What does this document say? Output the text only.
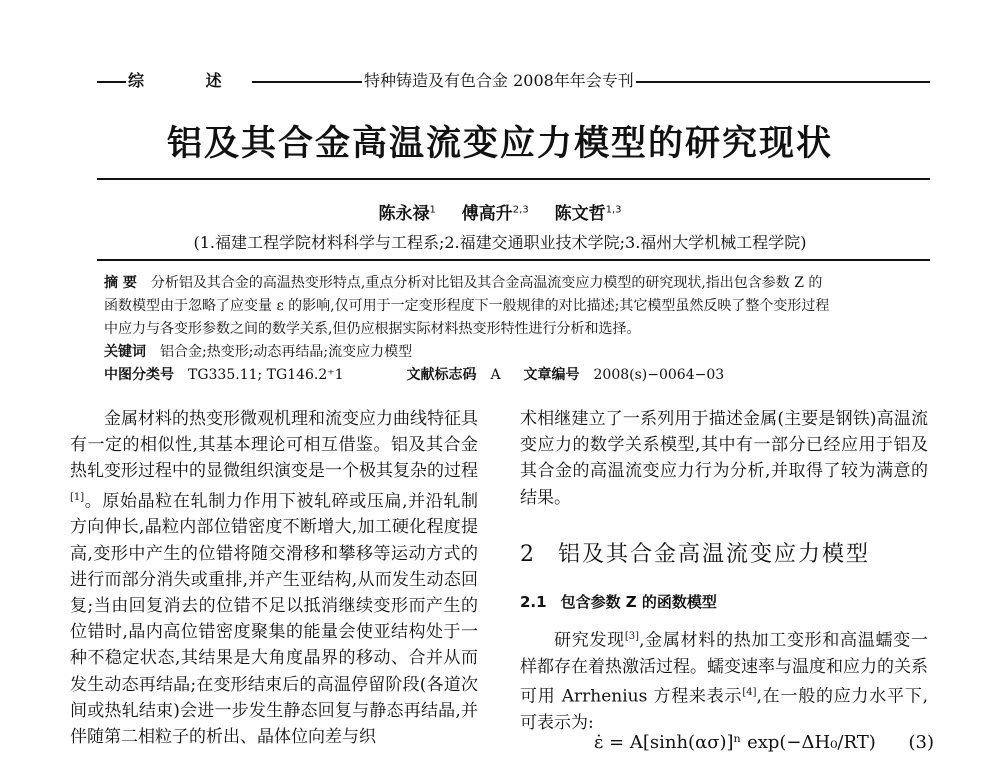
综 述	特种铸造及有色合金 2008年年会专刊
铝及其合金高温流变应力模型的研究现状
陈永禄$^1$ 傅高升$^{2,3}$ 陈文哲$^{1,3}$
(1.福建工程学院材料科学与工程系;2.福建交通职业技术学院;3.福州大学机械工程学院)
摘 要 分析铝及其合金的高温热变形特点,重点分析对比铝及其合金高温流变应力模型的研究现状,指出包含参数 Z 的
函数模型由于忽略了应变量 ε 的影响,仅可用于一定变形程度下一般规律的对比描述;其它模型虽然反映了整个变形过程
中应力与各变形参数之间的数学关系,但仍应根据实际材料热变形特性进行分析和选择。
关键词 铝合金;热变形;动态再结晶;流变应力模型
中图分类号 TG335.11; TG146.2⁺1	文献标志码 A 文章编号 2008(s)−0064−03

金属材料的热变形微观机理和流变应力曲线特征具有一定的相似性,其基本理论可相互借鉴。铝及其合金热轧变形过程中的显微组织演变是一个极其复杂的过程[1]。原始晶粒在轧制力作用下被轧碎或压扁,并沿轧制方向伸长,晶粒内部位错密度不断增大,加工硬化程度提高,变形中产生的位错将随交滑移和攀移等运动方式的进行而部分消失或重排,并产生亚结构,从而发生动态回复;当由回复消去的位错不足以抵消继续变形而产生的位错时,晶内高位错密度聚集的能量会使亚结构处于一种不稳定状态,其结果是大角度晶界的移动、合并从而发生动态再结晶;在变形结束后的高温停留阶段(各道次间或热轧结束)会进一步发生静态回复与静态再结晶,并伴随第二相粒子的析出、晶体位向差与织

术相继建立了一系列用于描述金属(主要是钢铁)高温流变应力的数学关系模型,其中有一部分已经应用于铝及其合金的高温流变应力行为分析,并取得了较为满意的结果。

2 铝及其合金高温流变应力模型
2.1 包含参数 Z 的函数模型

研究发现[3],金属材料的热加工变形和高温蠕变一样都存在着热激活过程。蠕变速率与温度和应力的关系可用 Arrhenius 方程来表示[4],在一般的应力水平下,可表示为:

ε̇ = A[sinh(ασ)]ⁿ exp(−ΔH₀/RT) (3)
